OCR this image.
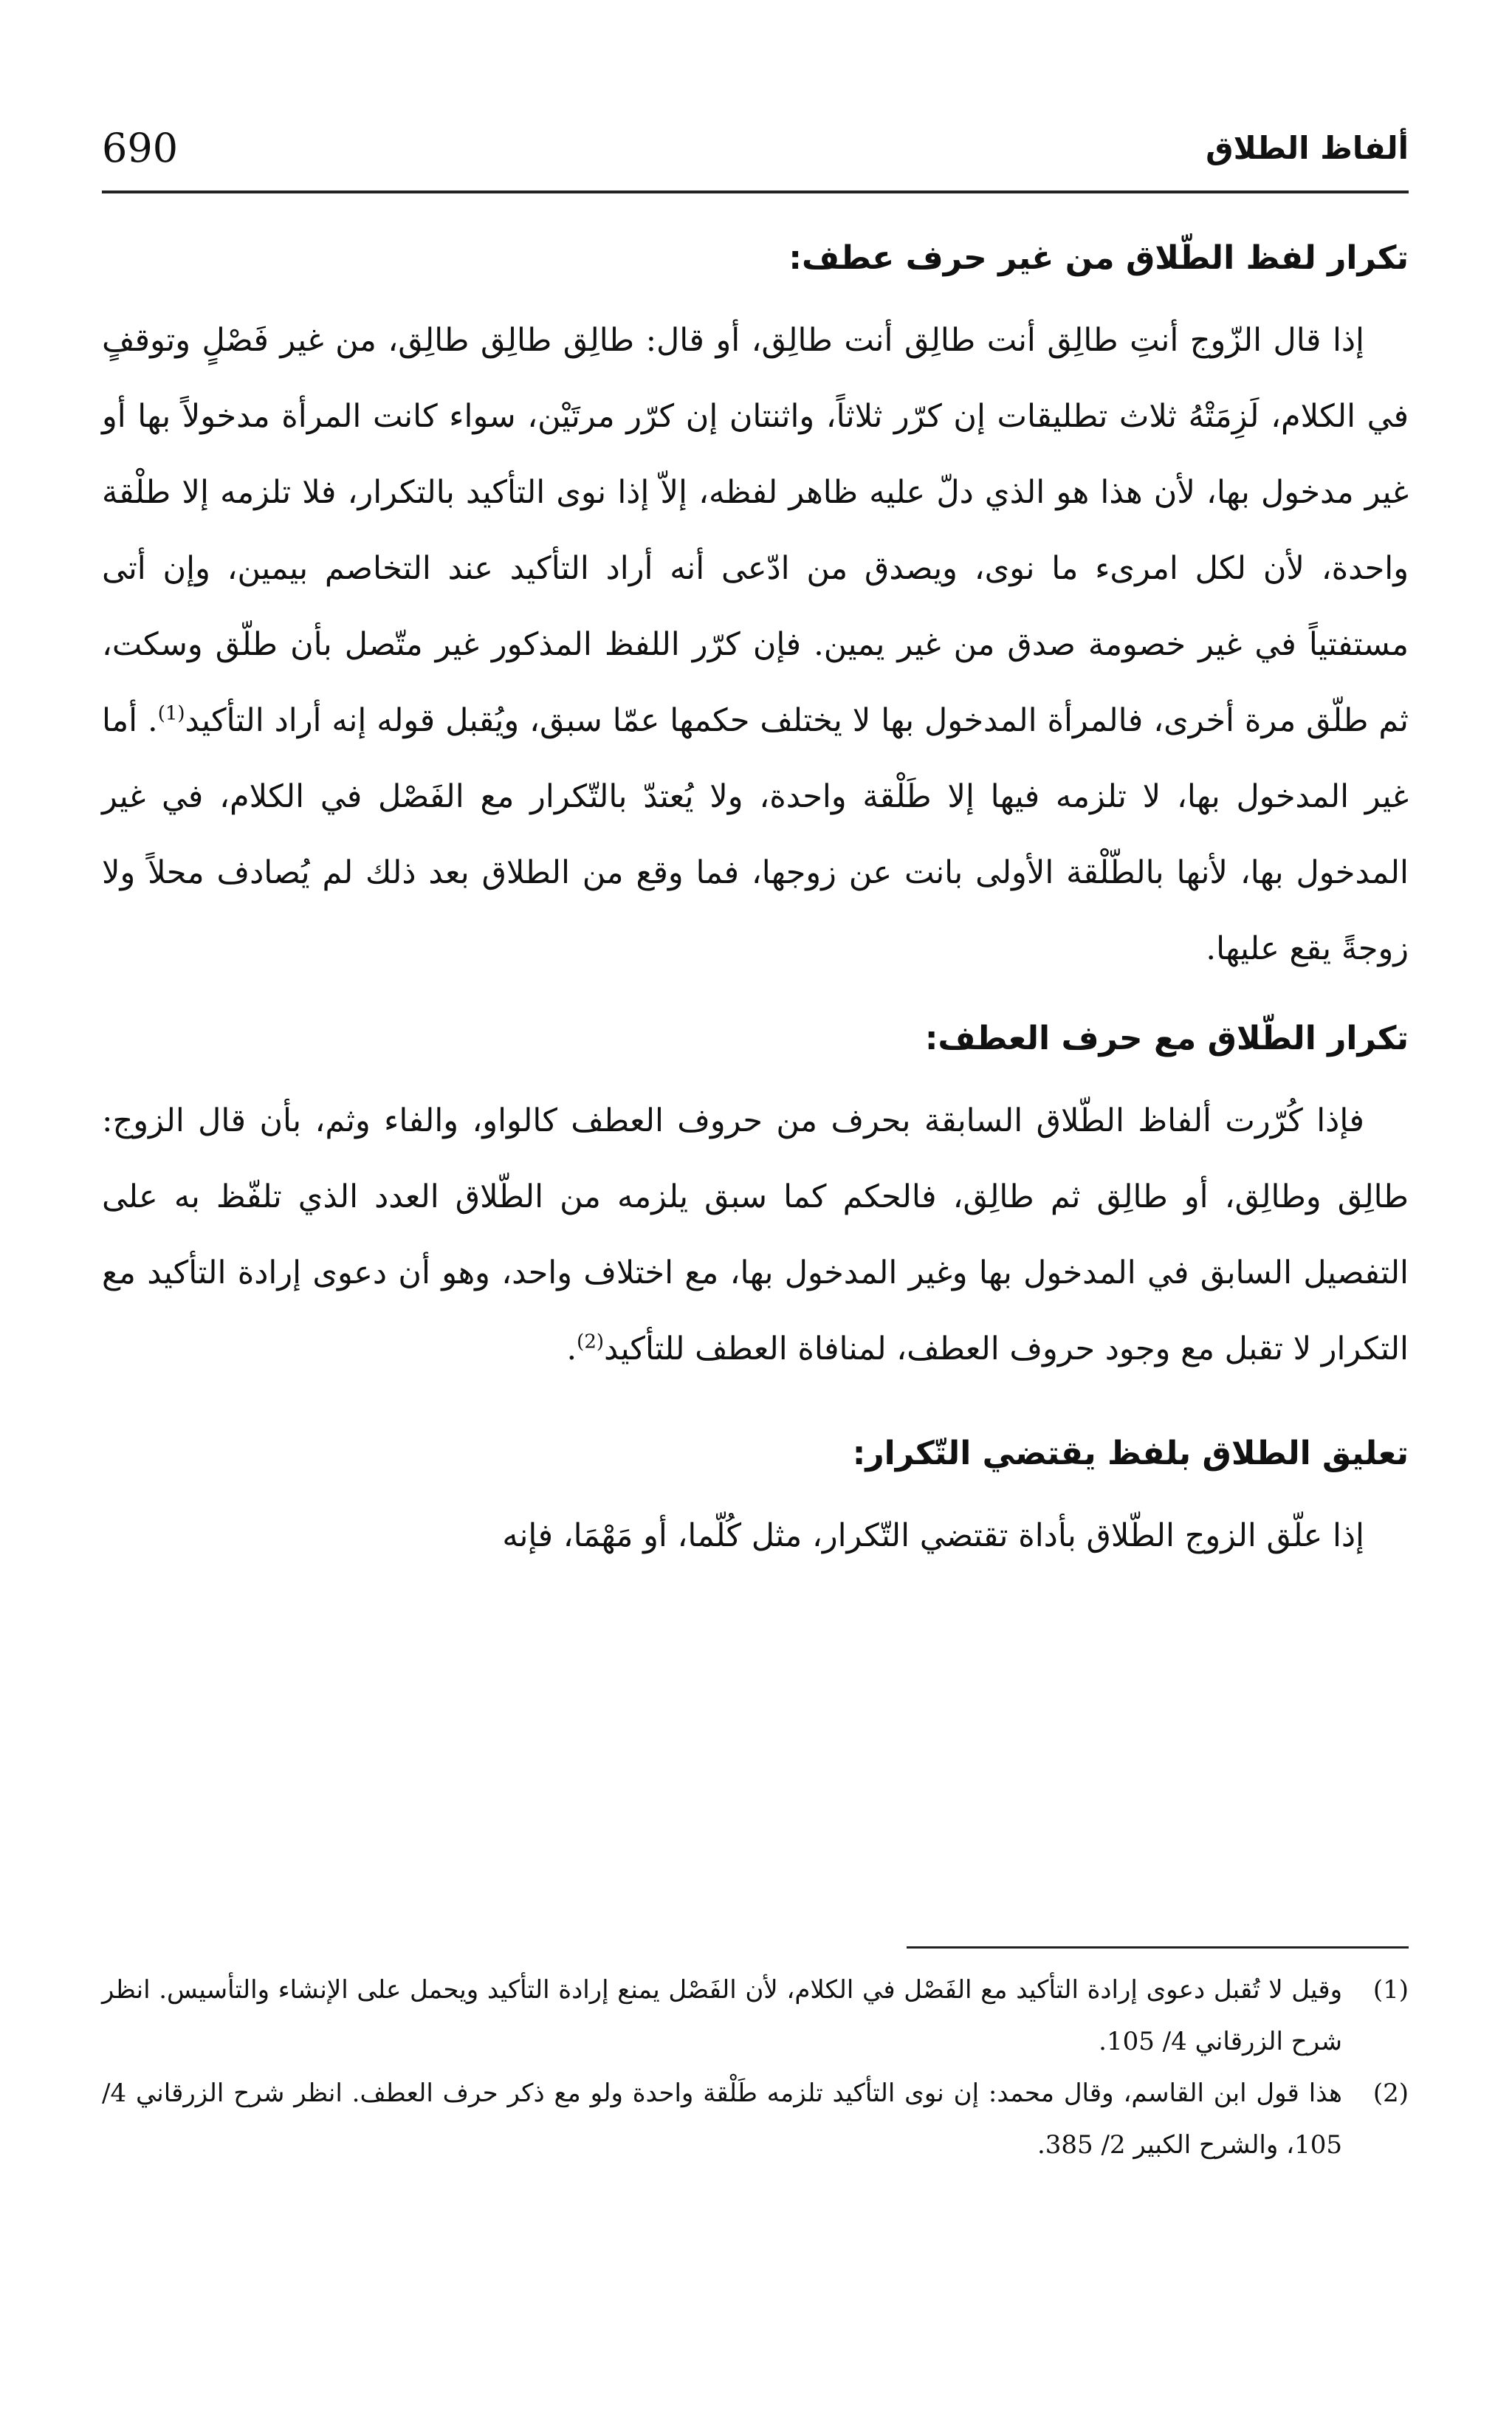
690	ألفاظ الطلاق
تكرار لفظ الطّلاق من غير حرف عطف:

إذا قال الزّوج أنتِ طالِق أنت طالِق أنت طالِق، أو قال: طالِق طالِق طالِق، من غير فَصْلٍ وتوقفٍ في الكلام، لَزِمَتْهُ ثلاث تطليقات إن كرّر ثلاثاً، واثنتان إن كرّر مرتَيْن، سواء كانت المرأة مدخولاً بها أو غير مدخول بها، لأن هذا هو الذي دلّ عليه ظاهر لفظه، إلاّ إذا نوى التأكيد بالتكرار، فلا تلزمه إلا طلْقة واحدة، لأن لكل امرىء ما نوى، ويصدق من ادّعى أنه أراد التأكيد عند التخاصم بيمين، وإن أتى مستفتياً في غير خصومة صدق من غير يمين. فإن كرّر اللفظ المذكور غير متّصل بأن طلّق وسكت، ثم طلّق مرة أخرى، فالمرأة المدخول بها لا يختلف حكمها عمّا سبق، ويُقبل قوله إنه أراد التأكيد$^{(1)}$. أما غير المدخول بها، لا تلزمه فيها إلا طَلْقة واحدة، ولا يُعتدّ بالتّكرار مع الفَصْل في الكلام، في غير المدخول بها، لأنها بالطّلْقة الأولى بانت عن زوجها، فما وقع من الطلاق بعد ذلك لم يُصادف محلاً ولا زوجةً يقع عليها.

تكرار الطّلاق مع حرف العطف:

فإذا كُرّرت ألفاظ الطّلاق السابقة بحرف من حروف العطف كالواو، والفاء وثم، بأن قال الزوج: طالِق وطالِق، أو طالِق ثم طالِق، فالحكم كما سبق يلزمه من الطّلاق العدد الذي تلفّظ به على التفصيل السابق في المدخول بها وغير المدخول بها، مع اختلاف واحد، وهو أن دعوى إرادة التأكيد مع التكرار لا تقبل مع وجود حروف العطف، لمنافاة العطف للتأكيد$^{(2)}$.

تعليق الطلاق بلفظ يقتضي التّكرار:

إذا علّق الزوج الطّلاق بأداة تقتضي التّكرار، مثل كُلّما، أو مَهْمَا، فإنه

(1)
وقيل لا تُقبل دعوى إرادة التأكيد مع الفَصْل في الكلام، لأن الفَصْل يمنع إرادة التأكيد ويحمل على الإنشاء والتأسيس. انظر شرح الزرقاني 4/ 105.
(2)
هذا قول ابن القاسم، وقال محمد: إن نوى التأكيد تلزمه طَلْقة واحدة ولو مع ذكر حرف العطف. انظر شرح الزرقاني 4/ 105، والشرح الكبير 2/ 385.
